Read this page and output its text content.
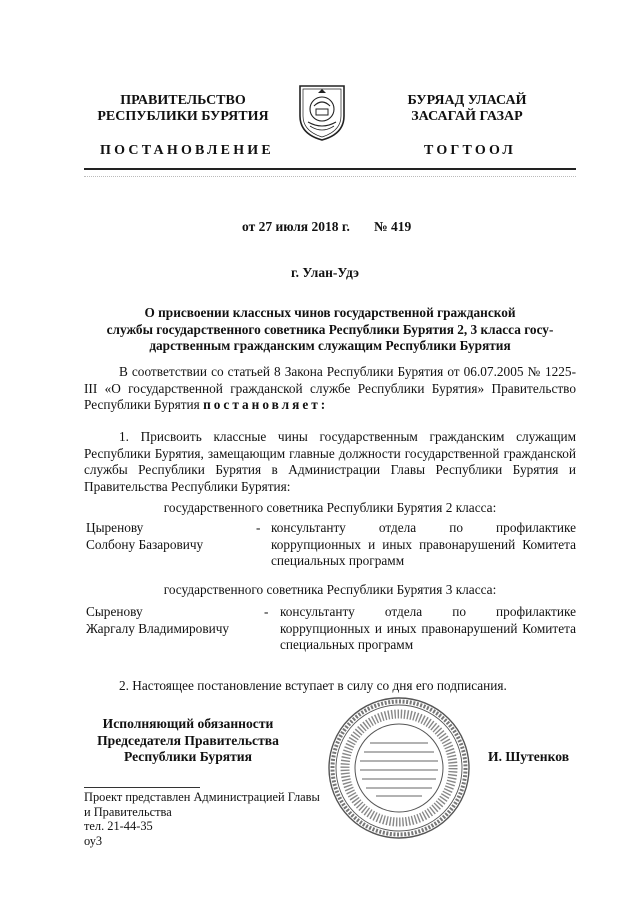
ПРАВИТЕЛЬСТВО
РЕСПУБЛИКИ БУРЯТИЯ
БУРЯАД УЛАСАЙ
ЗАСАГАЙ ГАЗАР
ПОСТАНОВЛЕНИЕ	ТОГТООЛ
от 27 июля 2018 г. № 419
г. Улан-Удэ
О присвоении классных чинов государственной гражданской
службы государственного советника Республики Бурятия 2, 3 класса госу-
дарственным гражданским служащим Республики Бурятия
В соответствии со статьей 8 Закона Республики Бурятия от 06.07.2005 № 1225-III «О государственной гражданской службе Республики Бурятия» Правительство Республики Бурятия постановляет:
1. Присвоить классные чины государственным гражданским служащим Республики Бурятия, замещающим главные должности государственной гражданской службы Республики Бурятия в Администрации Главы Республики Бурятия и Правительства Республики Бурятия:
государственного советника Республики Бурятия 2 класса:
Цыренову
Солбону Базаровичу
- консультанту отдела по профилактике коррупционных и иных правонарушений Комитета специальных программ
государственного советника Республики Бурятия 3 класса:
Сыренову
Жаргалу Владимировичу
- консультанту отдела по профилактике коррупционных и иных правонарушений Комитета специальных программ
2. Настоящее постановление вступает в силу со дня его подписания.
Исполняющий обязанности
Председателя Правительства
Республики Бурятия	И. Шутенков
Проект представлен Администрацией Главы
и Правительства
тел. 21-44-35
оу3
